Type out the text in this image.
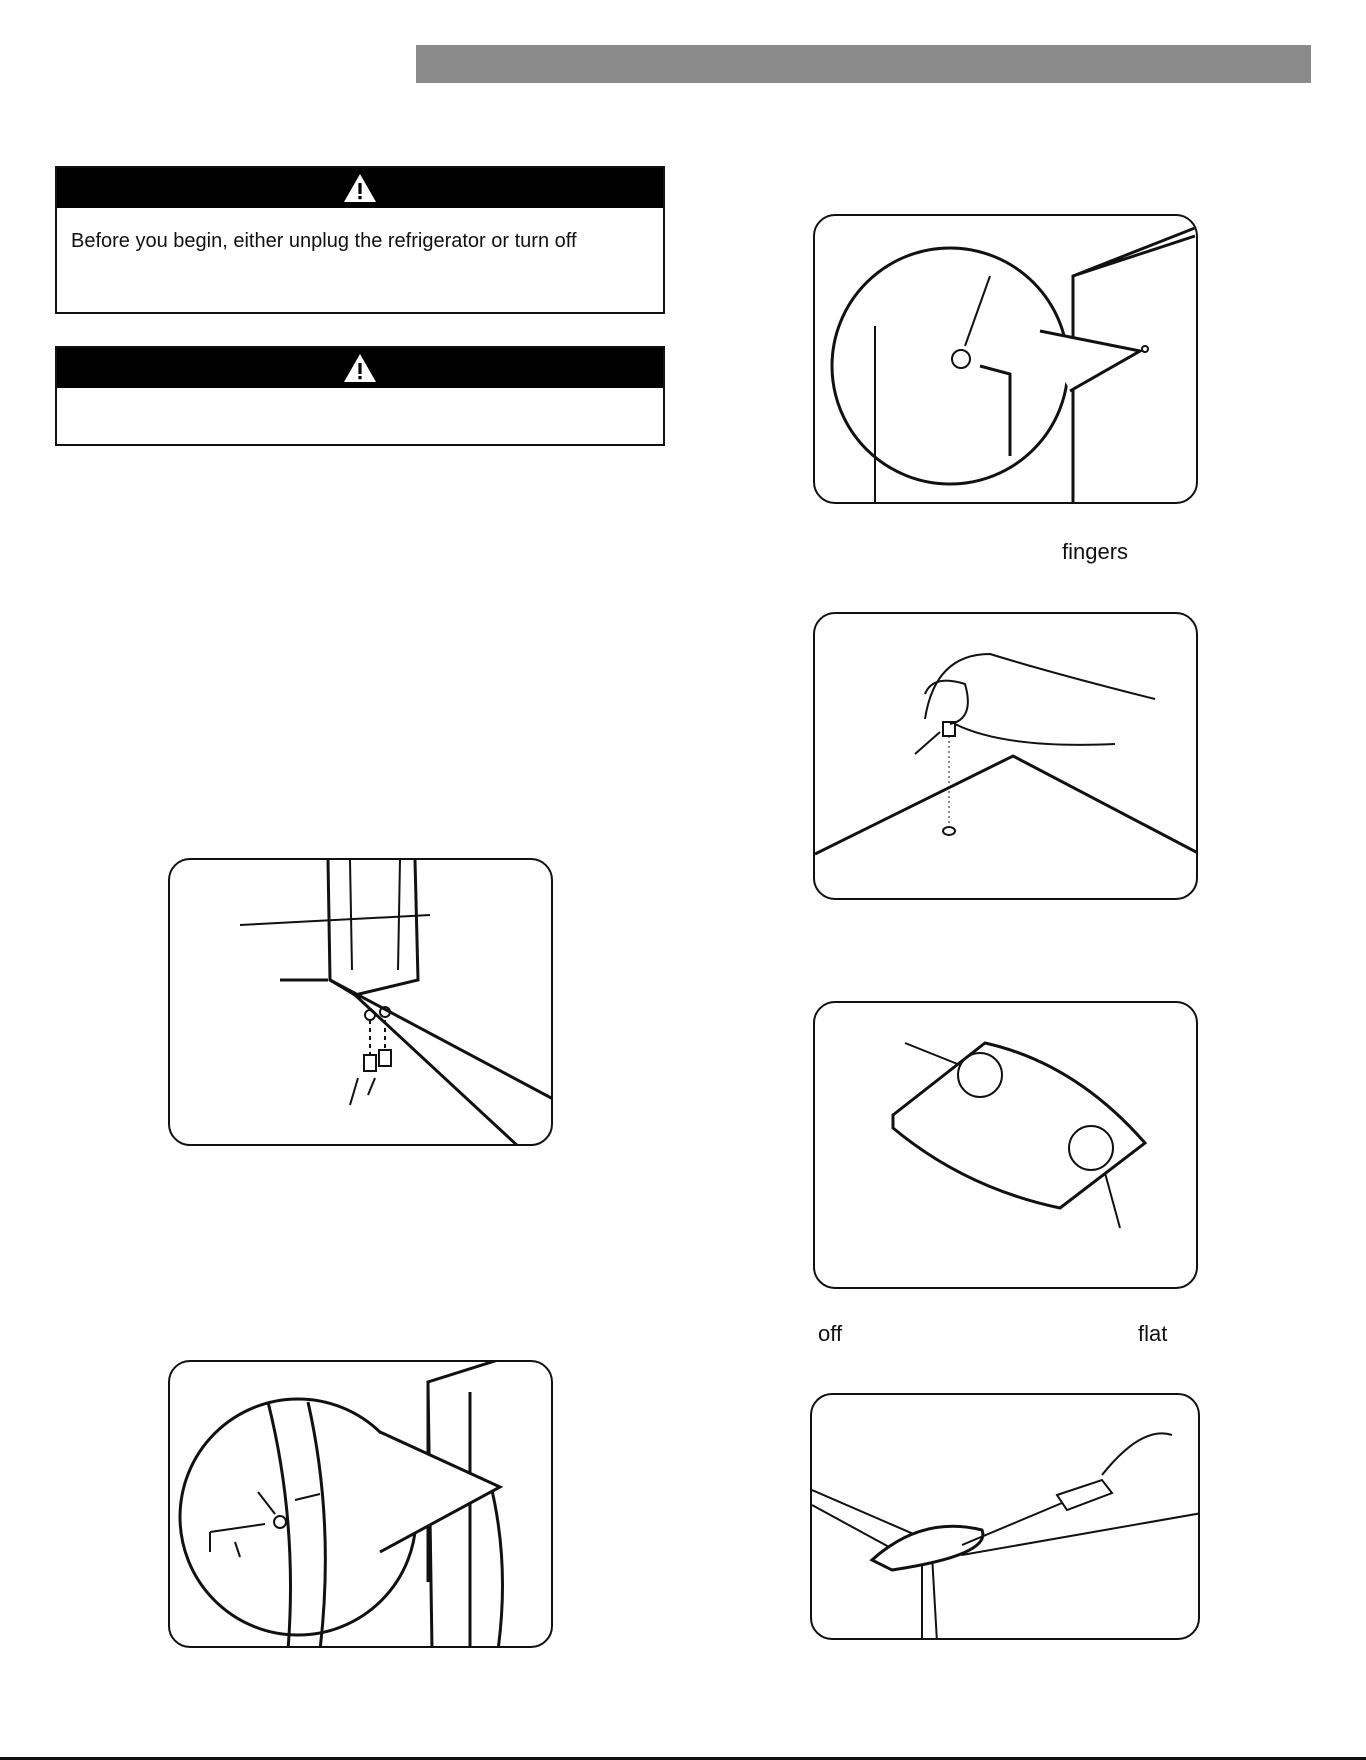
Before you begin, either unplug the refrigerator or turn off
fingers
off	flat
